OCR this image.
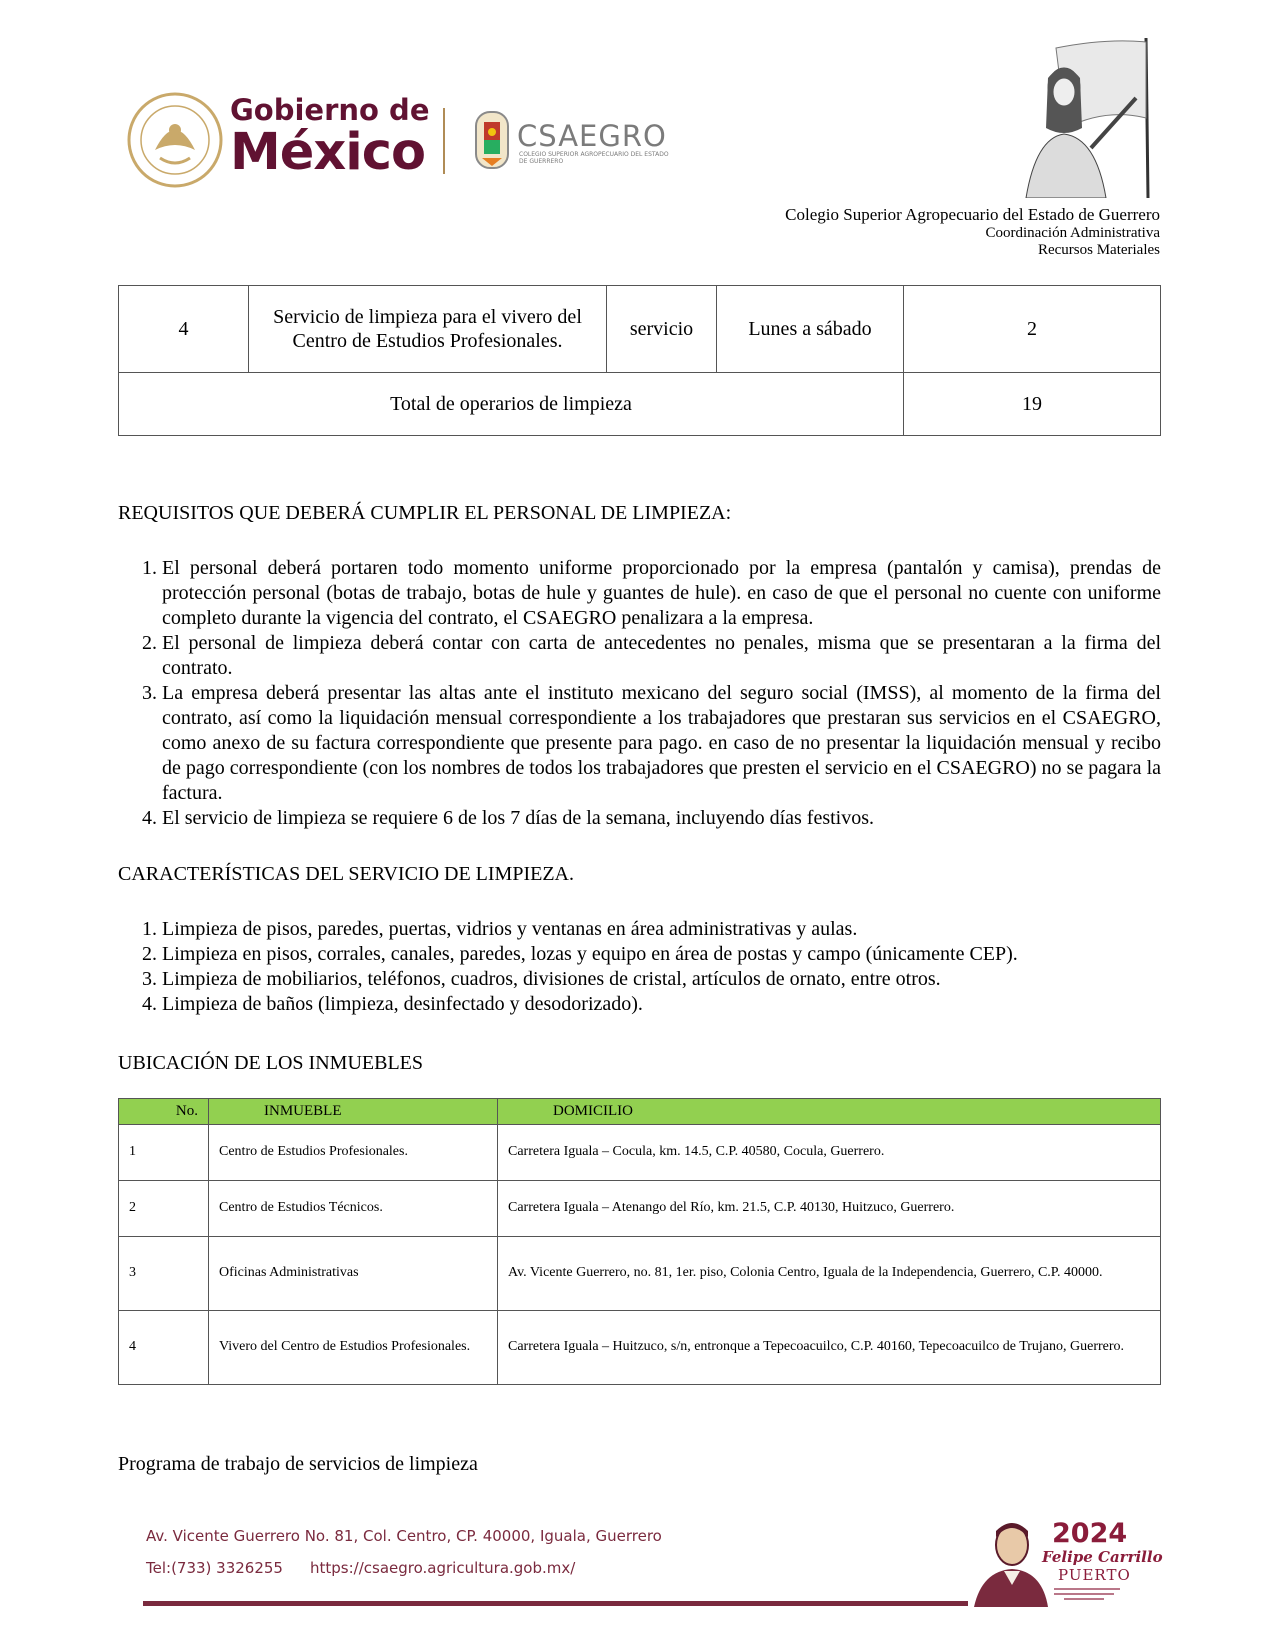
Gobierno de
México	CSAEGRO
COLEGIO SUPERIOR AGROPECUARIO DEL ESTADO DE GUERRERO
Colegio Superior Agropecuario del Estado de Guerrero
Coordinación Administrativa
Recursos Materiales
4	Servicio de limpieza para el vivero del Centro de Estudios Profesionales.	servicio	Lunes a sábado	2
Total de operarios de limpieza				19
REQUISITOS QUE DEBERÁ CUMPLIR EL PERSONAL DE LIMPIEZA:
1. El personal deberá portaren todo momento uniforme proporcionado por la empresa (pantalón y camisa), prendas de protección personal (botas de trabajo, botas de hule y guantes de hule). en caso de que el personal no cuente con uniforme completo durante la vigencia del contrato, el CSAEGRO penalizara a la empresa.
2. El personal de limpieza deberá contar con carta de antecedentes no penales, misma que se presentaran a la firma del contrato.
3. La empresa deberá presentar las altas ante el instituto mexicano del seguro social (IMSS), al momento de la firma del contrato, así como la liquidación mensual correspondiente a los trabajadores que prestaran sus servicios en el CSAEGRO, como anexo de su factura correspondiente que presente para pago. en caso de no presentar la liquidación mensual y recibo de pago correspondiente (con los nombres de todos los trabajadores que presten el servicio en el CSAEGRO) no se pagara la factura.
4. El servicio de limpieza se requiere 6 de los 7 días de la semana, incluyendo días festivos.
CARACTERÍSTICAS DEL SERVICIO DE LIMPIEZA.
1. Limpieza de pisos, paredes, puertas, vidrios y ventanas en área administrativas y aulas.
2. Limpieza en pisos, corrales, canales, paredes, lozas y equipo en área de postas y campo (únicamente CEP).
3. Limpieza de mobiliarios, teléfonos, cuadros, divisiones de cristal, artículos de ornato, entre otros.
4. Limpieza de baños (limpieza, desinfectado y desodorizado).
UBICACIÓN DE LOS INMUEBLES
No.	INMUEBLE	DOMICILIO
1	Centro de Estudios Profesionales.	Carretera Iguala – Cocula, km. 14.5, C.P. 40580, Cocula, Guerrero.
2	Centro de Estudios Técnicos.	Carretera Iguala – Atenango del Río, km. 21.5, C.P. 40130, Huitzuco, Guerrero.
3	Oficinas Administrativas	Av. Vicente Guerrero, no. 81, 1er. piso, Colonia Centro, Iguala de la Independencia, Guerrero, C.P. 40000.
4	Vivero del Centro de Estudios Profesionales.	Carretera Iguala – Huitzuco, s/n, entronque a Tepecoacuilco, C.P. 40160, Tepecoacuilco de Trujano, Guerrero.
Programa de trabajo de servicios de limpieza
Av. Vicente Guerrero No. 81, Col. Centro, CP. 40000, Iguala, Guerrero
Tel:(733) 3326255 https://csaegro.agricultura.gob.mx/
2024
Felipe Carrillo
PUERTO
